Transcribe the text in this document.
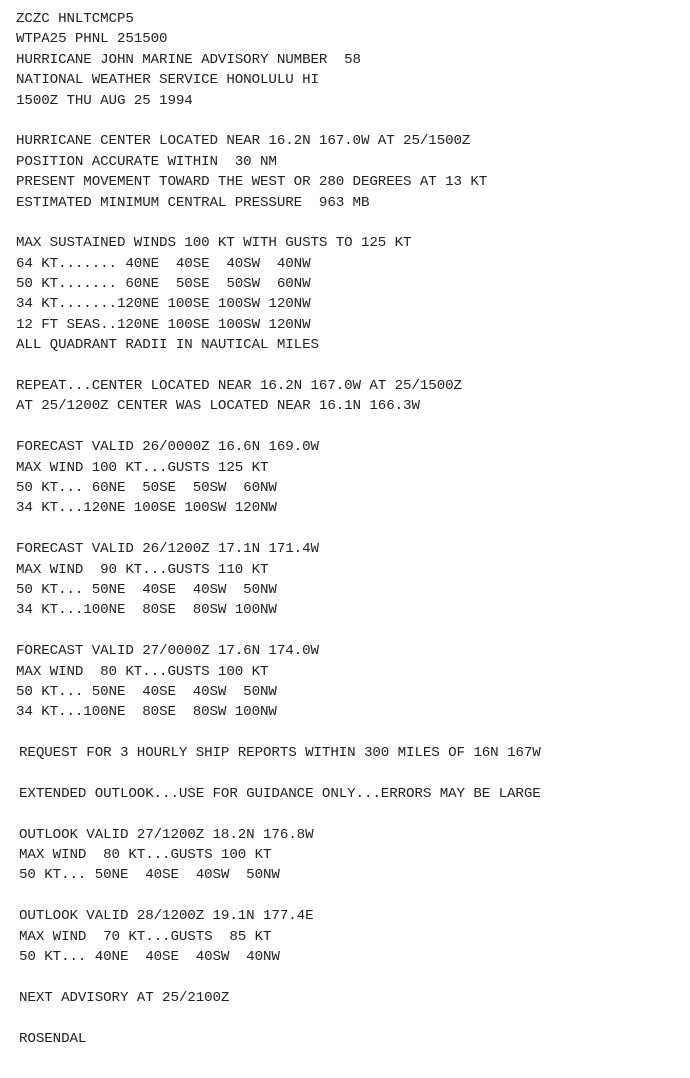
ZCZC HNLTCMCP5
WTPA25 PHNL 251500
HURRICANE JOHN MARINE ADVISORY NUMBER  58
NATIONAL WEATHER SERVICE HONOLULU HI
1500Z THU AUG 25 1994
HURRICANE CENTER LOCATED NEAR 16.2N 167.0W AT 25/1500Z
POSITION ACCURATE WITHIN  30 NM
PRESENT MOVEMENT TOWARD THE WEST OR 280 DEGREES AT 13 KT
ESTIMATED MINIMUM CENTRAL PRESSURE  963 MB
MAX SUSTAINED WINDS 100 KT WITH GUSTS TO 125 KT
64 KT....... 40NE  40SE  40SW  40NW
50 KT....... 60NE  50SE  50SW  60NW
34 KT.......120NE 100SE 100SW 120NW
12 FT SEAS..120NE 100SE 100SW 120NW
ALL QUADRANT RADII IN NAUTICAL MILES
REPEAT...CENTER LOCATED NEAR 16.2N 167.0W AT 25/1500Z
AT 25/1200Z CENTER WAS LOCATED NEAR 16.1N 166.3W
FORECAST VALID 26/0000Z 16.6N 169.0W
MAX WIND 100 KT...GUSTS 125 KT
50 KT... 60NE  50SE  50SW  60NW
34 KT...120NE 100SE 100SW 120NW
FORECAST VALID 26/1200Z 17.1N 171.4W
MAX WIND  90 KT...GUSTS 110 KT
50 KT... 50NE  40SE  40SW  50NW
34 KT...100NE  80SE  80SW 100NW
FORECAST VALID 27/0000Z 17.6N 174.0W
MAX WIND  80 KT...GUSTS 100 KT
50 KT... 50NE  40SE  40SW  50NW
34 KT...100NE  80SE  80SW 100NW
REQUEST FOR 3 HOURLY SHIP REPORTS WITHIN 300 MILES OF 16N 167W
EXTENDED OUTLOOK...USE FOR GUIDANCE ONLY...ERRORS MAY BE LARGE
OUTLOOK VALID 27/1200Z 18.2N 176.8W
MAX WIND  80 KT...GUSTS 100 KT
50 KT... 50NE  40SE  40SW  50NW
OUTLOOK VALID 28/1200Z 19.1N 177.4E
MAX WIND  70 KT...GUSTS  85 KT
50 KT... 40NE  40SE  40SW  40NW
NEXT ADVISORY AT 25/2100Z
ROSENDAL
